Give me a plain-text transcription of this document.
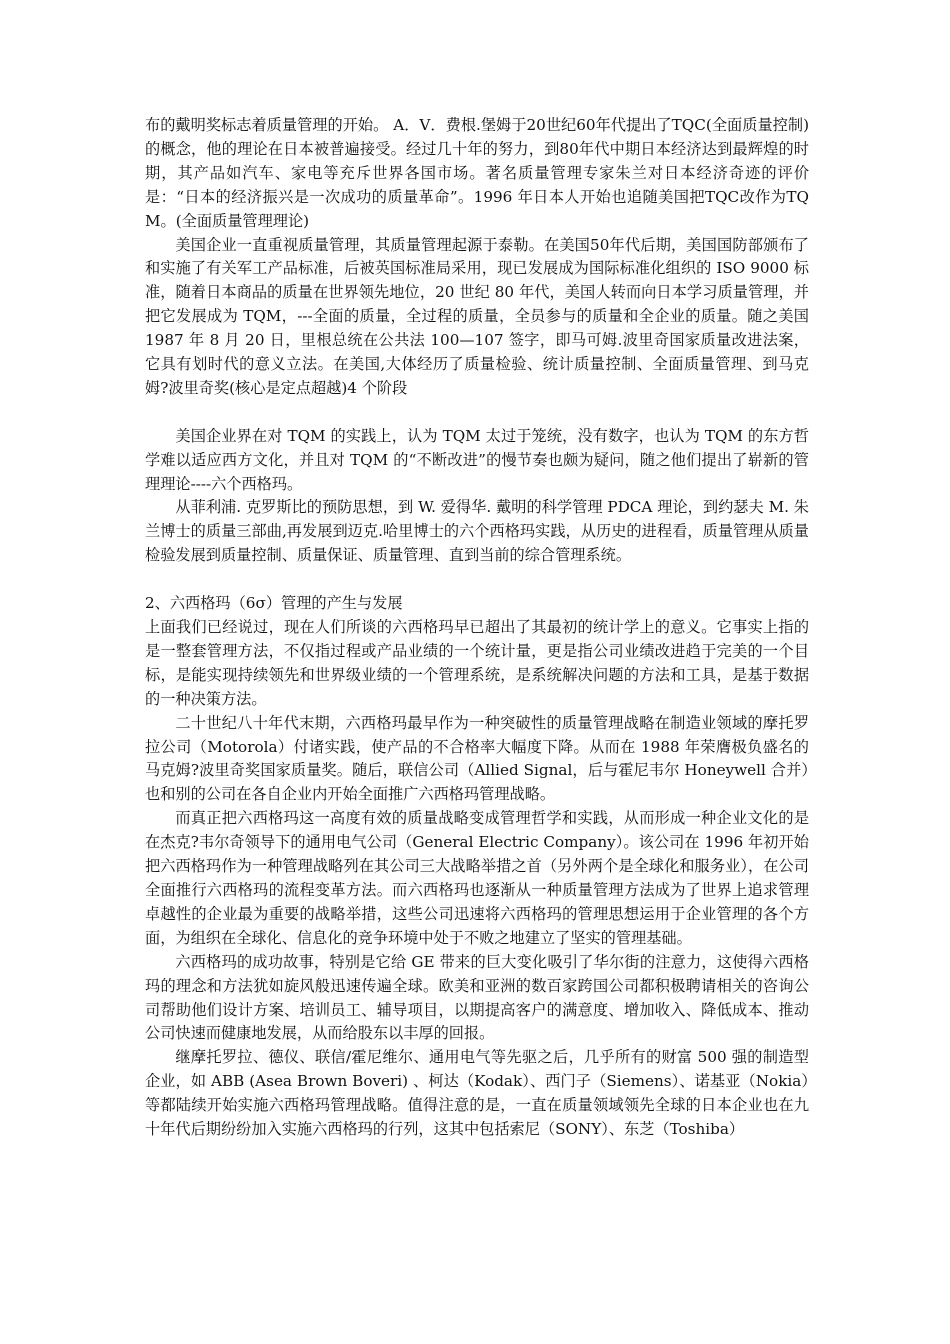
布的戴明奖标志着质量管理的开始。 A．V．费根.堡姆于20世纪60年代提出了TQC(全面质量控制)的概念，他的理论在日本被普遍接受。经过几十年的努力，到80年代中期日本经济达到最辉煌的时期，其产品如汽车、家电等充斥世界各国市场。著名质量管理专家朱兰对日本经济奇迹的评价是：“日本的经济振兴是一次成功的质量革命”。1996 年日本人开始也追随美国把TQC改作为TQM。(全面质量管理理论)

美国企业一直重视质量管理，其质量管理起源于泰勒。在美国50年代后期，美国国防部颁布了和实施了有关军工产品标准，后被英国标准局采用，现已发展成为国际标准化组织的 ISO 9000 标准，随着日本商品的质量在世界领先地位，20 世纪 80 年代，美国人转而向日本学习质量管理，并把它发展成为 TQM，---全面的质量，全过程的质量，全员参与的质量和全企业的质量。随之美国 1987 年 8 月 20 日，里根总统在公共法 100—107 签字，即马可姆.波里奇国家质量改进法案，它具有划时代的意义立法。在美国,大体经历了质量检验、统计质量控制、全面质量管理、到马克姆?波里奇奖(核心是定点超越)4 个阶段

美国企业界在对 TQM 的实践上，认为 TQM 太过于笼统，没有数字，也认为 TQM 的东方哲学难以适应西方文化，并且对 TQM 的“不断改进”的慢节奏也颇为疑问，随之他们提出了崭新的管理理论----六个西格玛。

从菲利浦. 克罗斯比的预防思想，到 W. 爱得华. 戴明的科学管理 PDCA 理论，到约瑟夫 M. 朱兰博士的质量三部曲,再发展到迈克.哈里博士的六个西格玛实践，从历史的进程看，质量管理从质量检验发展到质量控制、质量保证、质量管理、直到当前的综合管理系统。

2、六西格玛（6σ）管理的产生与发展

上面我们已经说过，现在人们所谈的六西格玛早已超出了其最初的统计学上的意义。它事实上指的是一整套管理方法，不仅指过程或产品业绩的一个统计量，更是指公司业绩改进趋于完美的一个目标，是能实现持续领先和世界级业绩的一个管理系统，是系统解决问题的方法和工具，是基于数据的一种决策方法。

二十世纪八十年代末期，六西格玛最早作为一种突破性的质量管理战略在制造业领域的摩托罗拉公司（Motorola）付诸实践，使产品的不合格率大幅度下降。从而在 1988 年荣膺极负盛名的马克姆?波里奇奖国家质量奖。随后，联信公司（Allied Signal，后与霍尼韦尔 Honeywell 合并）也和别的公司在各自企业内开始全面推广六西格玛管理战略。

而真正把六西格玛这一高度有效的质量战略变成管理哲学和实践，从而形成一种企业文化的是在杰克?韦尔奇领导下的通用电气公司（General Electric Company）。该公司在 1996 年初开始把六西格玛作为一种管理战略列在其公司三大战略举措之首（另外两个是全球化和服务业），在公司全面推行六西格玛的流程变革方法。而六西格玛也逐渐从一种质量管理方法成为了世界上追求管理卓越性的企业最为重要的战略举措，这些公司迅速将六西格玛的管理思想运用于企业管理的各个方面，为组织在全球化、信息化的竞争环境中处于不败之地建立了坚实的管理基础。

六西格玛的成功故事，特别是它给 GE 带来的巨大变化吸引了华尔街的注意力，这使得六西格玛的理念和方法犹如旋风般迅速传遍全球。欧美和亚洲的数百家跨国公司都积极聘请相关的咨询公司帮助他们设计方案、培训员工、辅导项目，以期提高客户的满意度、增加收入、降低成本、推动公司快速而健康地发展，从而给股东以丰厚的回报。

继摩托罗拉、德仪、联信/霍尼维尔、通用电气等先驱之后，几乎所有的财富 500 强的制造型企业，如 ABB (Asea Brown Boveri) 、柯达（Kodak）、西门子（Siemens）、诺基亚（Nokia）等都陆续开始实施六西格玛管理战略。值得注意的是，一直在质量领域领先全球的日本企业也在九十年代后期纷纷加入实施六西格玛的行列，这其中包括索尼（SONY）、东芝（Toshiba）
